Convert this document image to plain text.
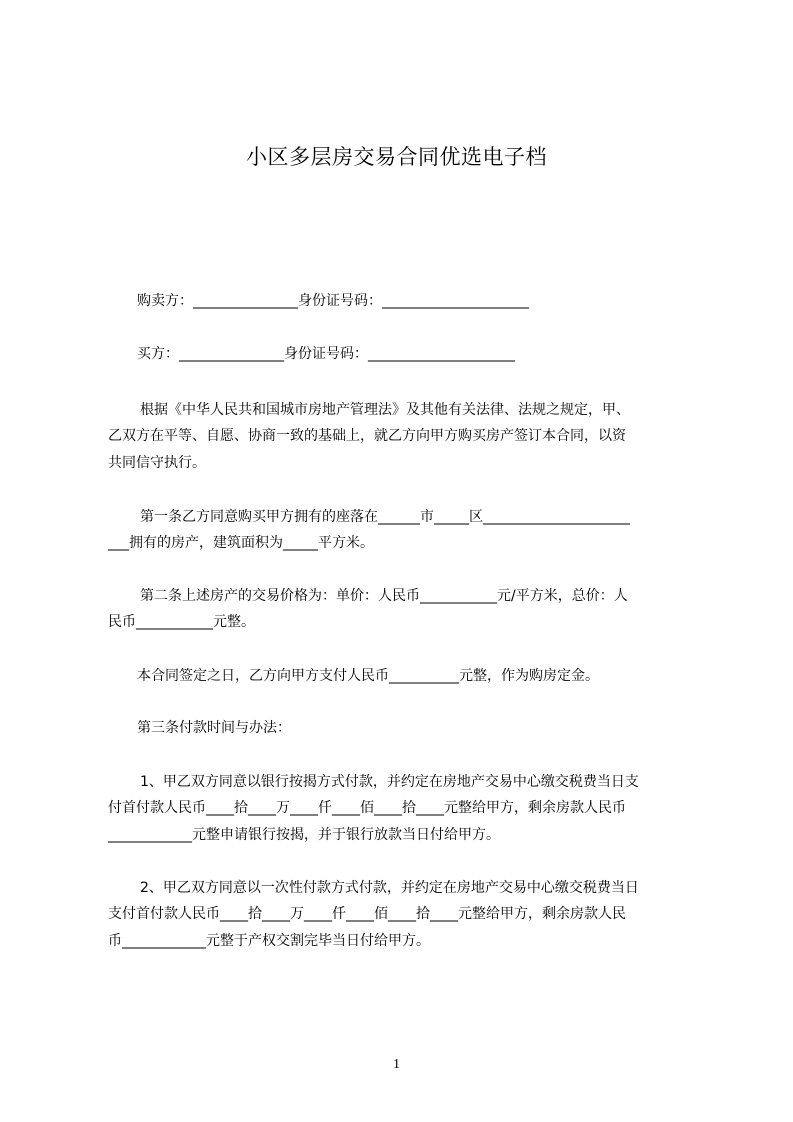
小区多层房交易合同优选电子档
购卖方：_______________身份证号码：_____________________
买方：_______________身份证号码：_____________________
根据《中华人民共和国城市房地产管理法》及其他有关法律、法规之规定，甲、
乙双方在平等、自愿、协商一致的基础上，就乙方向甲方购买房产签订本合同，以资
共同信守执行。
第一条乙方同意购买甲方拥有的座落在______市_____区_____________________
___拥有的房产，建筑面积为_____平方米。
第二条上述房产的交易价格为：单价：人民币___________元/平方米，总价：人
民币___________元整。
本合同签定之日，乙方向甲方支付人民币__________元整，作为购房定金。
第三条付款时间与办法：
1、甲乙双方同意以银行按揭方式付款，并约定在房地产交易中心缴交税费当日支
付首付款人民币____拾____万____仟____佰____拾____元整给甲方，剩余房款人民币
____________元整申请银行按揭，并于银行放款当日付给甲方。
2、甲乙双方同意以一次性付款方式付款，并约定在房地产交易中心缴交税费当日
支付首付款人民币____拾____万____仟____佰____拾____元整给甲方，剩余房款人民
币____________元整于产权交割完毕当日付给甲方。
1
